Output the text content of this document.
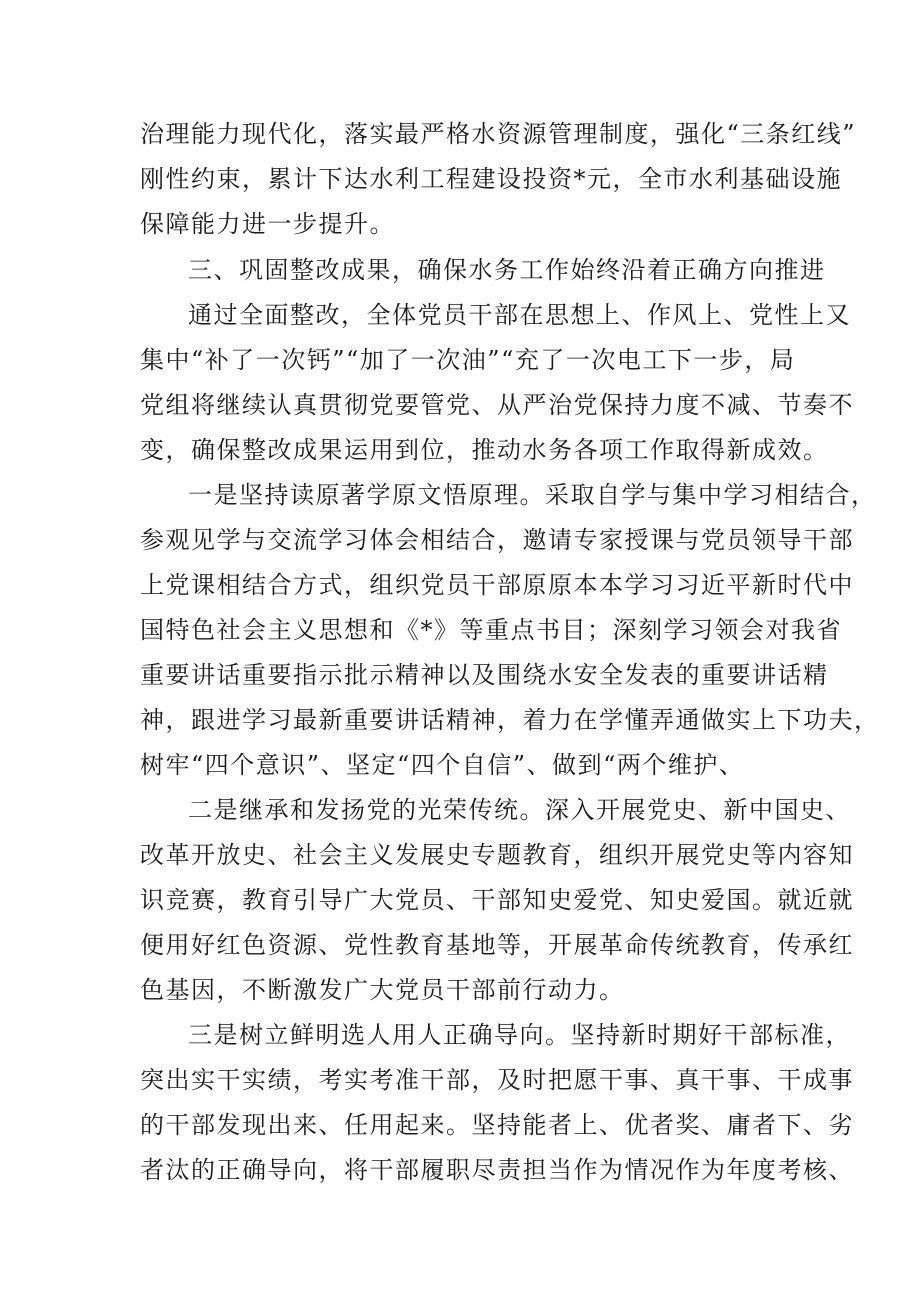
治理能力现代化，落实最严格水资源管理制度，强化“三条红线”
刚性约束，累计下达水利工程建设投资*元，全市水利基础设施
保障能力进一步提升。
三、巩固整改成果，确保水务工作始终沿着正确方向推进
通过全面整改，全体党员干部在思想上、作风上、党性上又
集中“补了一次钙”“加了一次油”“充了一次电工下一步，局
党组将继续认真贯彻党要管党、从严治党保持力度不减、节奏不
变，确保整改成果运用到位，推动水务各项工作取得新成效。
一是坚持读原著学原文悟原理。采取自学与集中学习相结合，
参观见学与交流学习体会相结合，邀请专家授课与党员领导干部
上党课相结合方式，组织党员干部原原本本学习习近平新时代中
国特色社会主义思想和《*》等重点书目；深刻学习领会对我省
重要讲话重要指示批示精神以及围绕水安全发表的重要讲话精
神，跟进学习最新重要讲话精神，着力在学懂弄通做实上下功夫，
树牢“四个意识”、坚定“四个自信”、做到“两个维护、
二是继承和发扬党的光荣传统。深入开展党史、新中国史、
改革开放史、社会主义发展史专题教育，组织开展党史等内容知
识竞赛，教育引导广大党员、干部知史爱党、知史爱国。就近就
便用好红色资源、党性教育基地等，开展革命传统教育，传承红
色基因，不断激发广大党员干部前行动力。
三是树立鲜明选人用人正确导向。坚持新时期好干部标准，
突出实干实绩，考实考准干部，及时把愿干事、真干事、干成事
的干部发现出来、任用起来。坚持能者上、优者奖、庸者下、劣
者汰的正确导向，将干部履职尽责担当作为情况作为年度考核、
